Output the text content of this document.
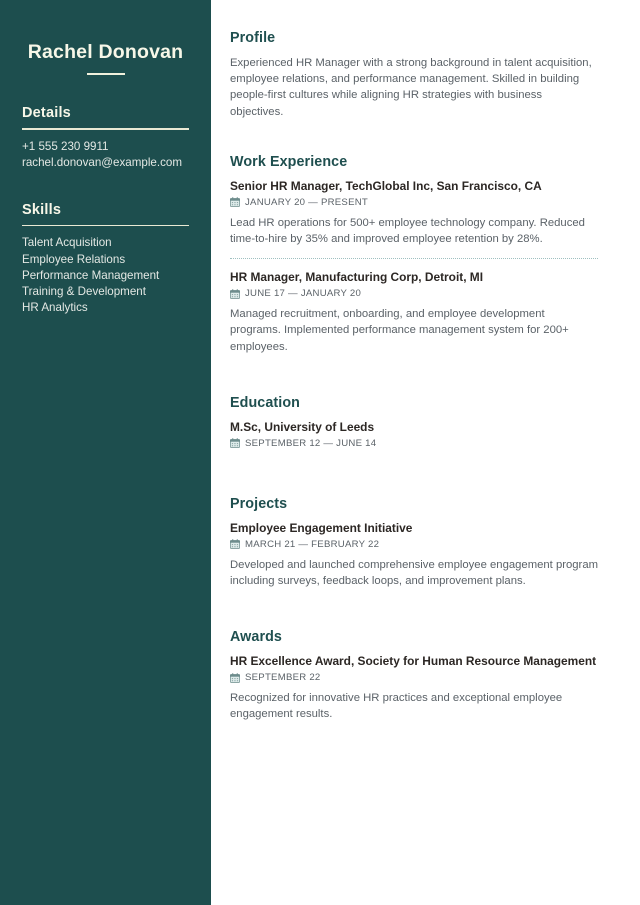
Rachel Donovan
Details
+1 555 230 9911
rachel.donovan@example.com
Skills
Talent Acquisition
Employee Relations
Performance Management
Training & Development
HR Analytics
Profile
Experienced HR Manager with a strong background in talent acquisition, employee relations, and performance management. Skilled in building people-first cultures while aligning HR strategies with business objectives.
Work Experience
Senior HR Manager, TechGlobal Inc, San Francisco, CA
JANUARY 20 — PRESENT
Lead HR operations for 500+ employee technology company. Reduced time-to-hire by 35% and improved employee retention by 28%.
HR Manager, Manufacturing Corp, Detroit, MI
JUNE 17 — JANUARY 20
Managed recruitment, onboarding, and employee development programs. Implemented performance management system for 200+ employees.
Education
M.Sc, University of Leeds
SEPTEMBER 12 — JUNE 14
Projects
Employee Engagement Initiative
MARCH 21 — FEBRUARY 22
Developed and launched comprehensive employee engagement program including surveys, feedback loops, and improvement plans.
Awards
HR Excellence Award, Society for Human Resource Management
SEPTEMBER 22
Recognized for innovative HR practices and exceptional employee engagement results.
